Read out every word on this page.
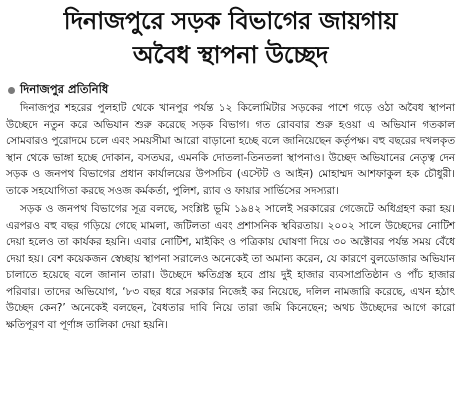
দিনাজপুরে সড়ক বিভাগের জায়গায়
অবৈধ স্থাপনা উচ্ছেদ
দিনাজপুর প্রতিনিধি

দিনাজপুর শহরের পুলহাট থেকে খানপুর পর্যন্ত ১২ কিলোমিটার সড়কের পাশে গড়ে ওঠা অবৈধ স্থাপনা উচ্ছেদে নতুন করে অভিযান শুরু করেছে সড়ক বিভাগ। গত রোববার শুরু হওয়া এ অভিযান গতকাল সোমবারও পুরোদমে চলে এবং সময়সীমা আরো বাড়ানো হচ্ছে বলে জানিয়েছেন কর্তৃপক্ষ। বহু বছরের দখলকৃত স্থান থেকে ভাঙ্গা হচ্ছে দোকান, বসতঘর, এমনকি দোতলা-তিনতলা স্থাপনাও। উচ্ছেদ অভিযানের নেতৃত্ব দেন সড়ক ও জনপথ বিভাগের প্রধান কার্যালয়ের উপসচিব (এস্টেট ও আইন) মোহাম্মদ আশফাকুল হক চৌধুরী। তাকে সহযোগিতা করছে সওজ কর্মকর্তা, পুলিশ, র‍্যাব ও ফায়ার সার্ভিসের সদস্যরা।

সড়ক ও জনপথ বিভাগের সূত্র বলছে, সংশ্লিষ্ট ভূমি ১৯৪২ সালেই সরকারের গেজেটে অধিগ্রহণ করা হয়। এরপরও বহু বছর গড়িয়ে গেছে মামলা, জটিলতা এবং প্রশাসনিক স্থবিরতায়। ২০০২ সালে উচ্ছেদের নোটিশ দেয়া হলেও তা কার্যকর হয়নি। এবার নোটিশ, মাইকিং ও পত্রিকায় ঘোষণা দিয়ে ৩০ অক্টোবর পর্যন্ত সময় বেঁধে দেয়া হয়। বেশ কয়েকজন স্বেচ্ছায় স্থাপনা সরালেও অনেকেই তা অমান্য করেন, যে কারণে বুলডোজার অভিযান চালাতে হয়েছে বলে জানান তারা। উচ্ছেদে ক্ষতিগ্রস্ত হবে প্রায় দুই হাজার ব্যবসাপ্রতিষ্ঠান ও পাঁচ হাজার পরিবার। তাদের অভিযোগ, ‘৮৩ বছর ধরে সরকার নিজেই কর নিয়েছে, দলিল নামজারি করেছে, এখন হঠাৎ উচ্ছেদ কেন?’ অনেকেই বলছেন, বৈধতার দাবি নিয়ে তারা জমি কিনেছেন; অথচ উচ্ছেদের আগে কারো ক্ষতিপূরণ বা পূর্ণাঙ্গ তালিকা দেয়া হয়নি।
